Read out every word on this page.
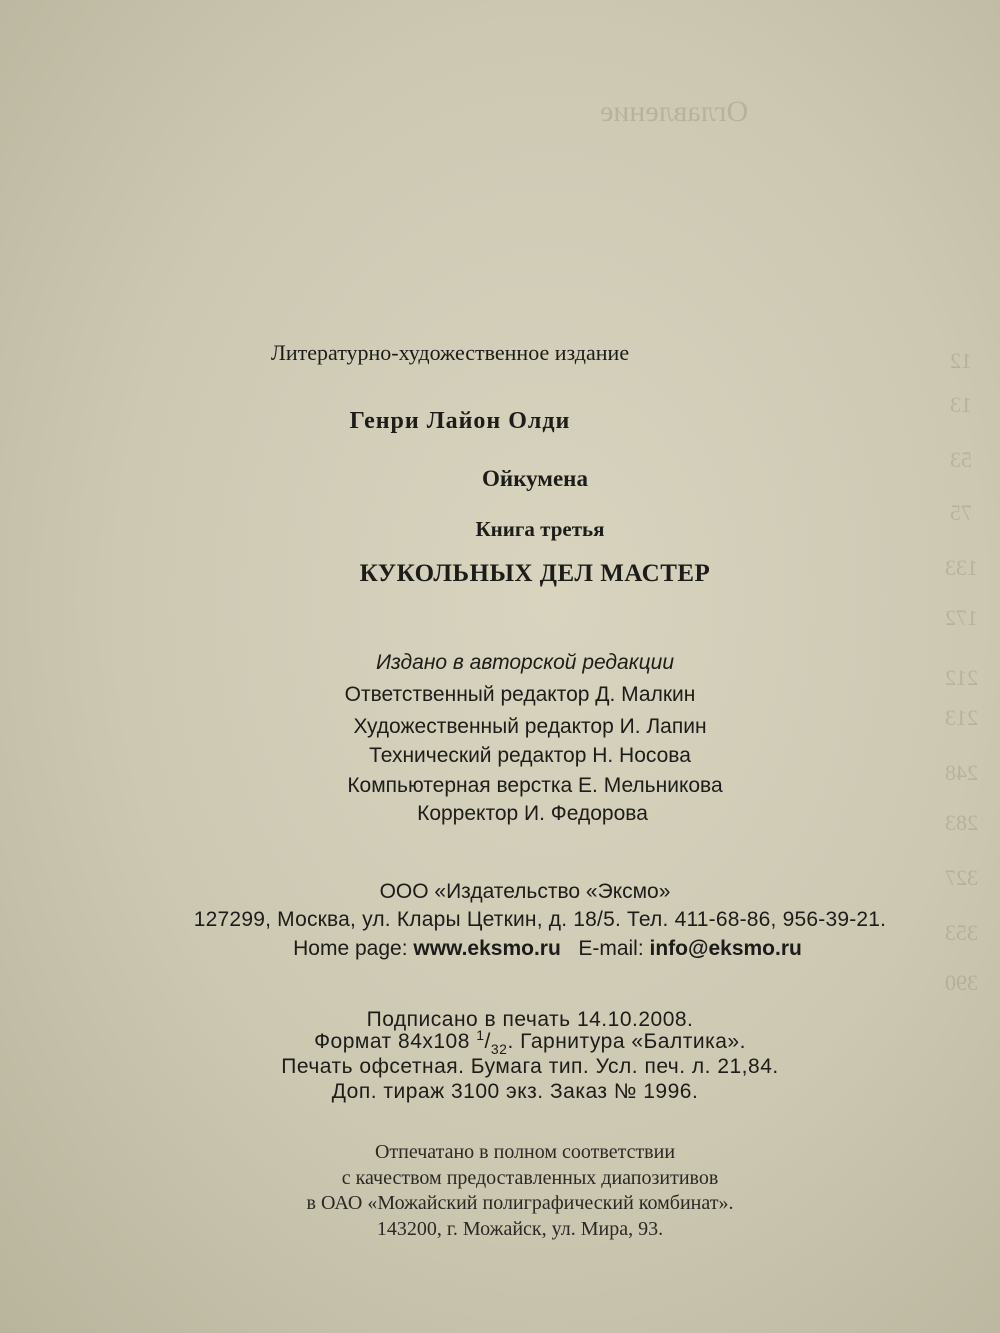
Оглавление
12
13
53
75
133
172
212
213
248
283
327
353
390
Литературно-художественное издание
Генри Лайон Олди
Ойкумена
Книга третья
КУКОЛЬНЫХ ДЕЛ МАСТЕР
Издано в авторской редакции
Ответственный редактор Д. Малкин
Художественный редактор И. Лапин
Технический редактор Н. Носова
Компьютерная верстка Е. Мельникова
Корректор И. Федорова
ООО «Издательство «Эксмо»
127299, Москва, ул. Клары Цеткин, д. 18/5. Тел. 411-68-86, 956-39-21.
Home page: www.eksmo.ru E-mail: info@eksmo.ru
Подписано в печать 14.10.2008.
Формат 84х108 $^1/_{32}$. Гарнитура «Балтика».
Печать офсетная. Бумага тип. Усл. печ. л. 21,84.
Доп. тираж 3100 экз. Заказ № 1996.
Отпечатано в полном соответствии
с качеством предоставленных диапозитивов
в ОАО «Можайский полиграфический комбинат».
143200, г. Можайск, ул. Мира, 93.
